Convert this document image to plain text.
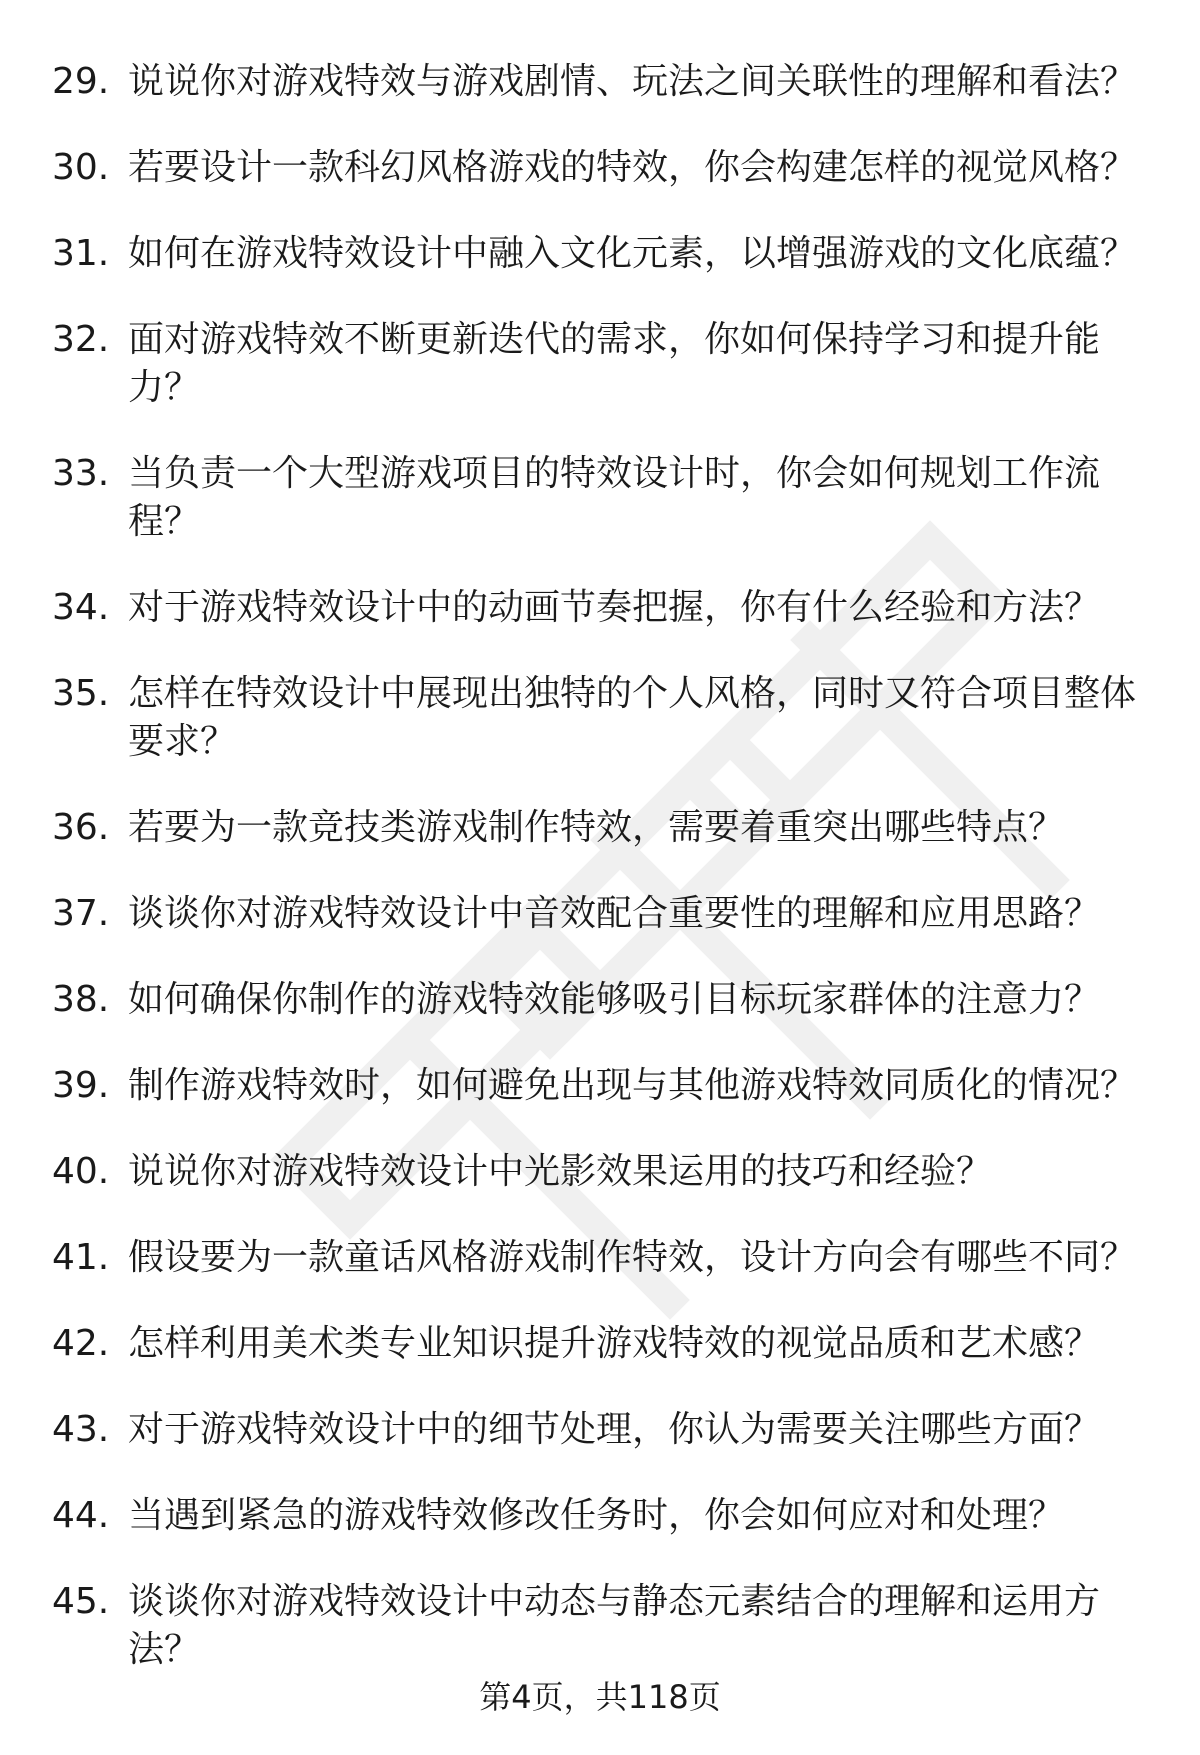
29. 说说你对游戏特效与游戏剧情、玩法之间关联性的理解和看法？
30. 若要设计一款科幻风格游戏的特效，你会构建怎样的视觉风格？
31. 如何在游戏特效设计中融入文化元素，以增强游戏的文化底蕴？
32. 面对游戏特效不断更新迭代的需求，你如何保持学习和提升能力？
33. 当负责一个大型游戏项目的特效设计时，你会如何规划工作流程？
34. 对于游戏特效设计中的动画节奏把握，你有什么经验和方法？
35. 怎样在特效设计中展现出独特的个人风格，同时又符合项目整体要求？
36. 若要为一款竞技类游戏制作特效，需要着重突出哪些特点？
37. 谈谈你对游戏特效设计中音效配合重要性的理解和应用思路？
38. 如何确保你制作的游戏特效能够吸引目标玩家群体的注意力？
39. 制作游戏特效时，如何避免出现与其他游戏特效同质化的情况？
40. 说说你对游戏特效设计中光影效果运用的技巧和经验？
41. 假设要为一款童话风格游戏制作特效，设计方向会有哪些不同？
42. 怎样利用美术类专业知识提升游戏特效的视觉品质和艺术感？
43. 对于游戏特效设计中的细节处理，你认为需要关注哪些方面？
44. 当遇到紧急的游戏特效修改任务时，你会如何应对和处理？
45. 谈谈你对游戏特效设计中动态与静态元素结合的理解和运用方法？
第4页，共118页
